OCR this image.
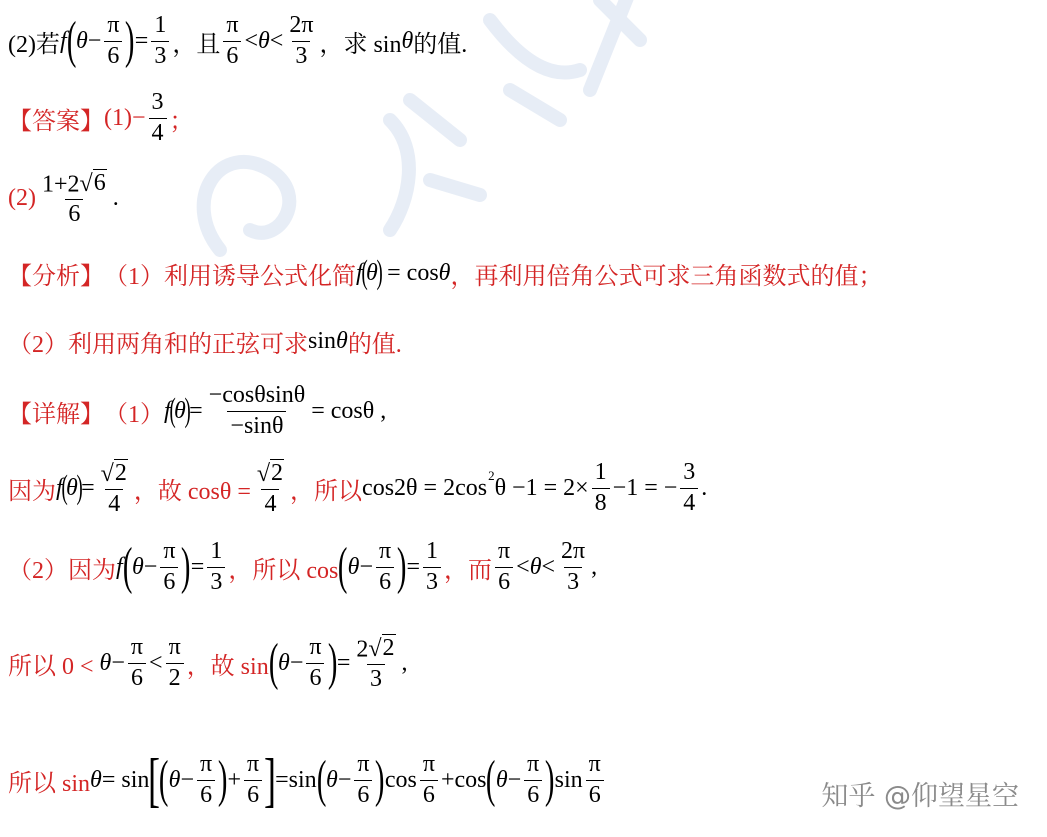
(2)若 f ( $\theta - \frac{\pi}{6}$ ) = $\frac{1}{3}$ ，且 $\frac{\pi}{6} < \theta < \frac{2\pi}{3}$ ，求 sin θ 的值.
【答案】 $(1) - \frac{3}{4}$ ；
$(2) \frac{1+2 √ 6}{6}$ .
【分析】 （1）利用诱导公式化简 f
(
θ
) = cos θ ，再利用倍角公式可求三角函数式的值；
（2）利用两角和的正弦可求 sin θ 的值.
【详解】 （1） f
(
θ
)
= $\frac{-\cos\theta\sin\theta}{-\sin\theta} = \cos\theta$ ,
因为 f
(
θ
)
= $\frac{√ 2}{4}$ ，故 $\cos\theta = \frac{√ 2}{4}$ ，所以 cos2θ = 2cos 2 $\theta -1 = 2\times \frac{1}{8} -1$ = − $\frac{3}{4}$ .
（2）因为 f ( $\theta - \frac{\pi}{6}$ ) = $\frac{1}{3}$ ，所以 cos ( $\theta - \frac{\pi}{6}$ ) = $\frac{1}{3}$ ，而 $\frac{\pi}{6} < \theta < \frac{2\pi}{3}$ ,
所以 $0 < \theta - \frac{\pi}{6} < \frac{\pi}{2}$ ，故 sin ( $\theta - \frac{\pi}{6}$ ) = $\frac{2 √ 2}{3}$ ,
所以 sin θ = sin
[
( $\theta - \frac{\pi}{6}$ ) + $\frac{\pi}{6}$ ]
= sin ( $\theta - \frac{\pi}{6}$ ) $\cos \frac{\pi}{6} + \cos$ ( $\theta - \frac{\pi}{6}$ ) $\sin \frac{\pi}{6}$	知乎 @仰望星空
